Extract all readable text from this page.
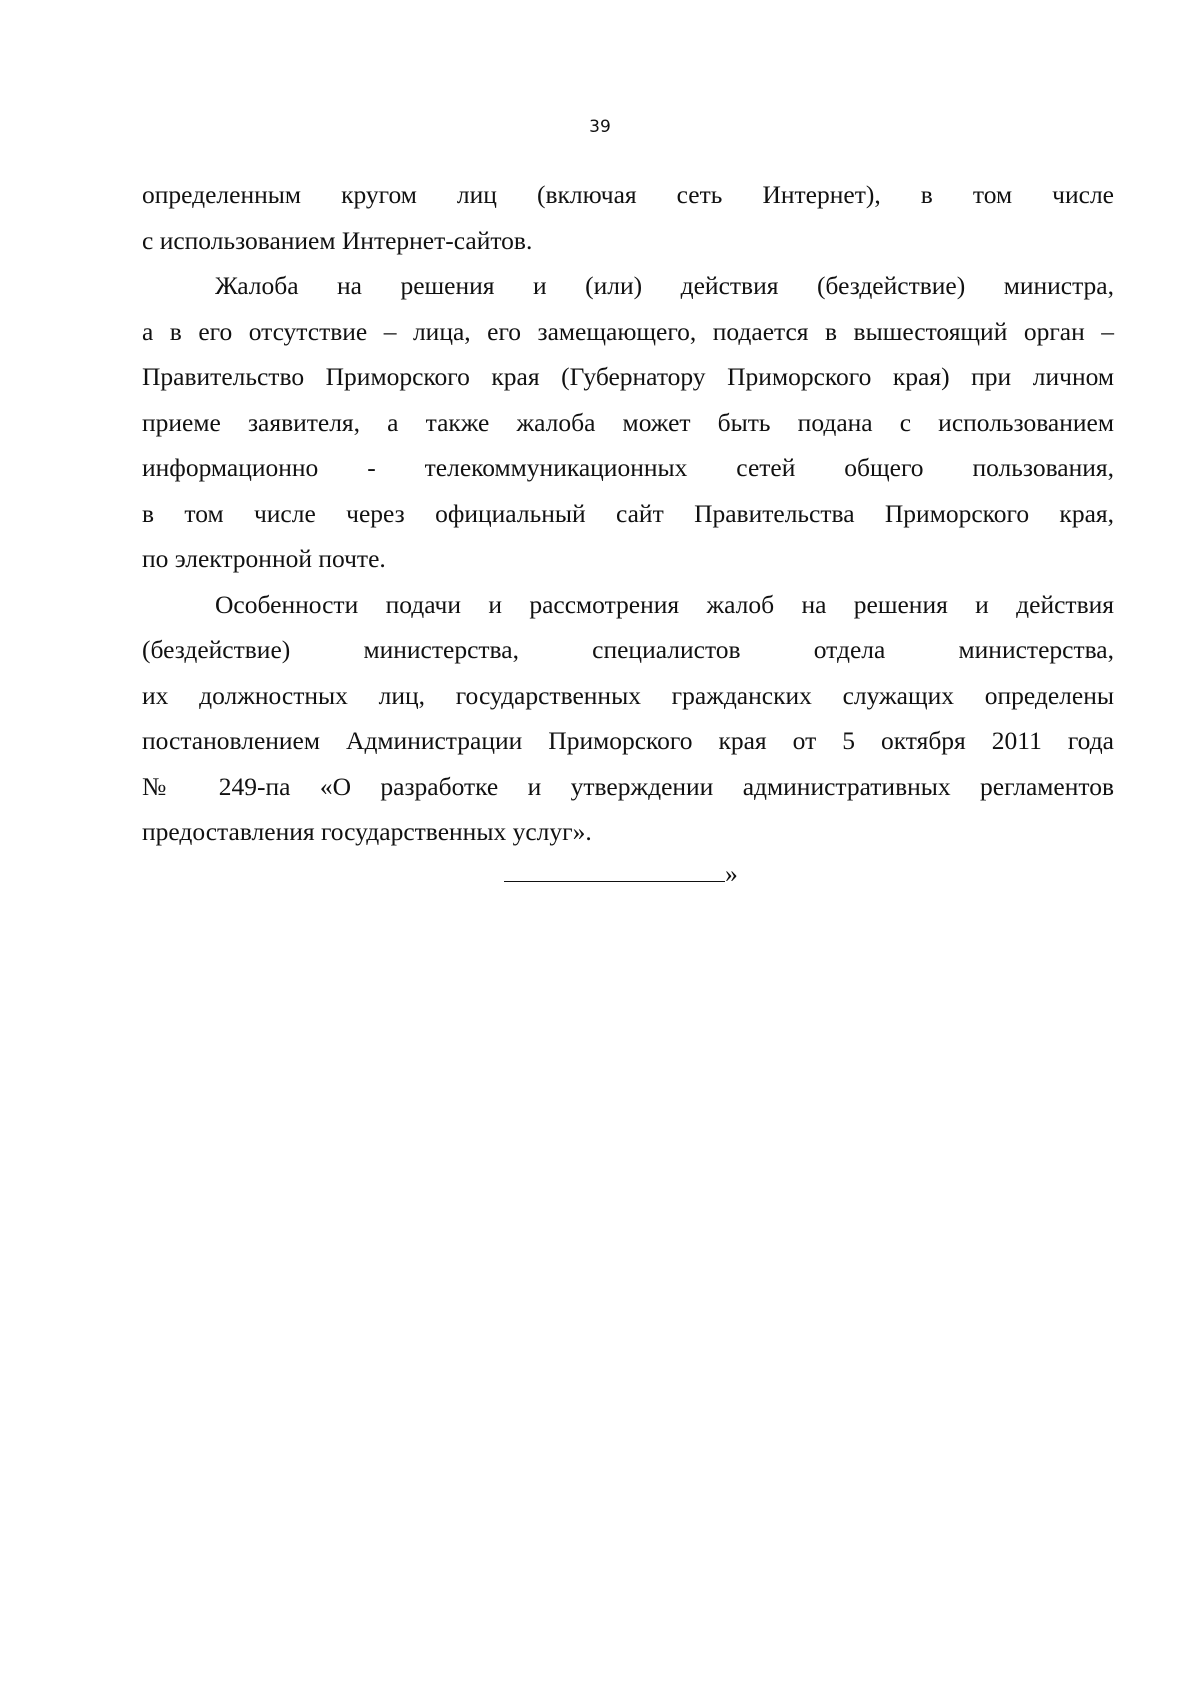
39
определенным кругом лиц (включая сеть Интернет), в том числе
с использованием Интернет-сайтов.
Жалоба на решения и (или) действия (бездействие) министра,
а в его отсутствие – лица, его замещающего, подается в вышестоящий орган –
Правительство Приморского края (Губернатору Приморского края) при личном
приеме заявителя, а также жалоба может быть подана с использованием
информационно - телекоммуникационных сетей общего пользования,
в том числе через официальный сайт Правительства Приморского края,
по электронной почте.
Особенности подачи и рассмотрения жалоб на решения и действия
(бездействие) министерства, специалистов отдела министерства,
их должностных лиц, государственных гражданских служащих определены
постановлением Администрации Приморского края от 5 октября 2011 года
№ 249-па «О разработке и утверждении административных регламентов
предоставления государственных услуг».
»
